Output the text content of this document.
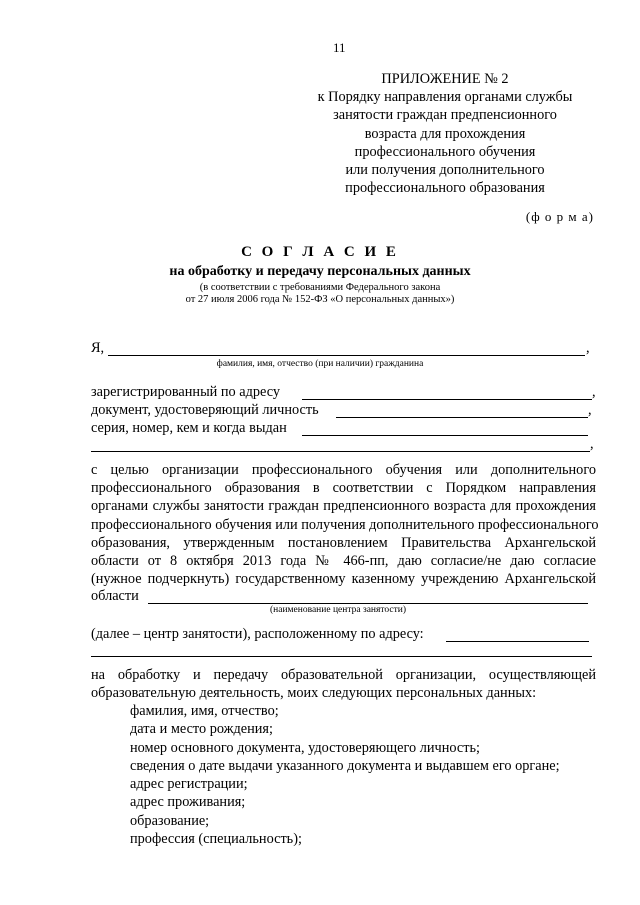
11
ПРИЛОЖЕНИЕ № 2
к Порядку направления органами службы
занятости граждан предпенсионного
возраста для прохождения
профессионального обучения
или получения дополнительного
профессионального образования
(ф о р м а)
С О Г Л А С И Е
на обработку и передачу персональных данных
(в соответствии с требованиями Федерального закона
от 27 июля 2006 года № 152-ФЗ «О персональных данных»)
Я,	,
фамилия, имя, отчество (при наличии) гражданина
зарегистрированный по адресу	,
документ, удостоверяющий личность	,
серия, номер, кем и когда выдан
,
с целью организации профессионального обучения или дополнительного
профессионального образования в соответствии с Порядком направления
органами службы занятости граждан предпенсионного возраста для прохождения
профессионального обучения или получения дополнительного профессионального
образования, утвержденным постановлением Правительства Архангельской
области от 8 октября 2013 года № 466-пп, даю согласие/не даю согласие
(нужное подчеркнуть) государственному казенному учреждению Архангельской
области
(наименование центра занятости)
(далее – центр занятости), расположенному по адресу:
на обработку и передачу образовательной организации, осуществляющей
образовательную деятельность, моих следующих персональных данных:
фамилия, имя, отчество;
дата и место рождения;
номер основного документа, удостоверяющего личность;
сведения о дате выдачи указанного документа и выдавшем его органе;
адрес регистрации;
адрес проживания;
образование;
профессия (специальность);
